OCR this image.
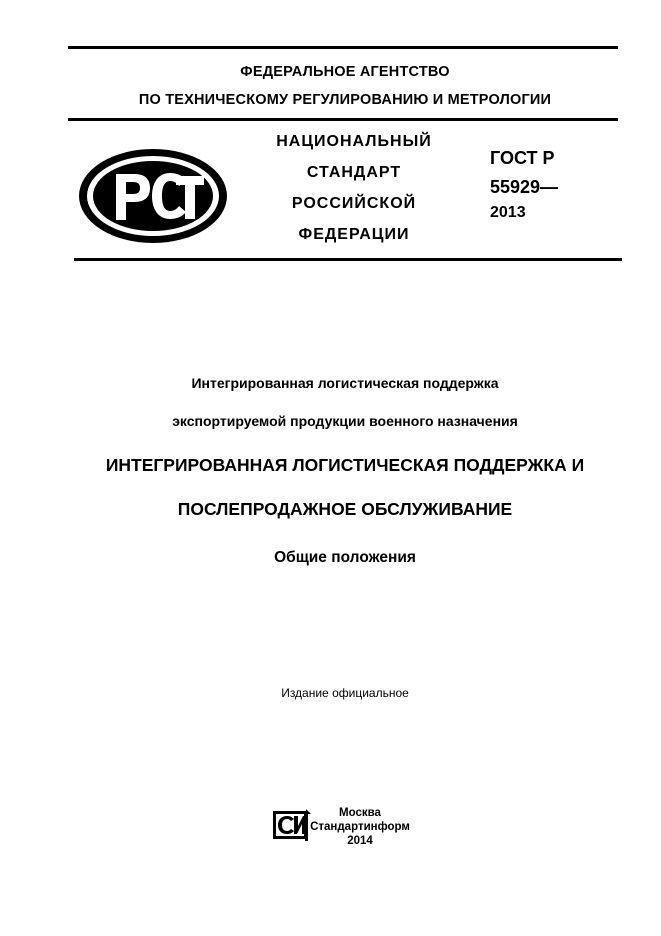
ФЕДЕРАЛЬНОЕ АГЕНТСТВО
ПО ТЕХНИЧЕСКОМУ РЕГУЛИРОВАНИЮ И МЕТРОЛОГИИ
НАЦИОНАЛЬНЫЙ
СТАНДАРТ
РОССИЙСКОЙ
ФЕДЕРАЦИИ
ГОСТ Р
55929—
2013
Интегрированная логистическая поддержка
экспортируемой продукции военного назначения
ИНТЕГРИРОВАННАЯ ЛОГИСТИЧЕСКАЯ ПОДДЕРЖКА И
ПОСЛЕПРОДАЖНОЕ ОБСЛУЖИВАНИЕ
Общие положения
Издание официальное
Москва
Стандартинформ
2014
